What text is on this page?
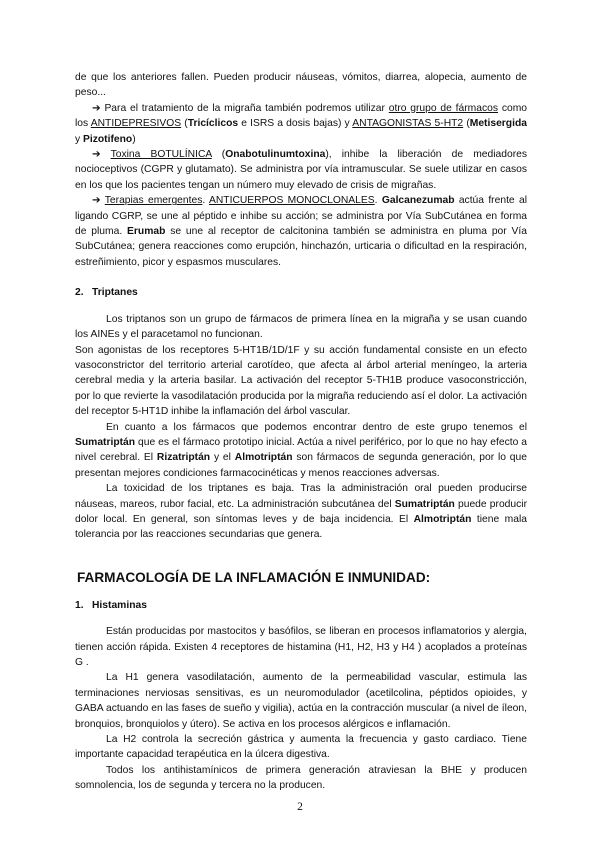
de que los anteriores fallen. Pueden producir náuseas, vómitos, diarrea, alopecia, aumento de peso...

➔ Para el tratamiento de la migraña también podremos utilizar otro grupo de fármacos como los ANTIDEPRESIVOS (Tricíclicos e ISRS a dosis bajas) y ANTAGONISTAS 5-HT2 (Metisergida y Pizotifeno)

➔ Toxina BOTULÍNICA (Onabotulinumtoxina), inhibe la liberación de mediadores nocioceptivos (CGPR y glutamato). Se administra por vía intramuscular. Se suele utilizar en casos en los que los pacientes tengan un número muy elevado de crisis de migrañas.

➔ Terapias emergentes. ANTICUERPOS MONOCLONALES. Galcanezumab actúa frente al ligando CGRP, se une al péptido e inhibe su acción; se administra por Vía SubCutánea en forma de pluma. Erumab se une al receptor de calcitonina también se administra en pluma por Vía SubCutánea; genera reacciones como erupción, hinchazón, urticaria o dificultad en la respiración, estreñimiento, picor y espasmos musculares.

2. Triptanes

Los triptanos son un grupo de fármacos de primera línea en la migraña y se usan cuando los AINEs y el paracetamol no funcionan.

Son agonistas de los receptores 5-HT1B/1D/1F y su acción fundamental consiste en un efecto vasoconstrictor del territorio arterial carotídeo, que afecta al árbol arterial meníngeo, la arteria cerebral media y la arteria basilar. La activación del receptor 5-TH1B produce vasoconstricción, por lo que revierte la vasodilatación producida por la migraña reduciendo así el dolor. La activación del receptor 5-HT1D inhibe la inflamación del árbol vascular.

En cuanto a los fármacos que podemos encontrar dentro de este grupo tenemos el Sumatriptán que es el fármaco prototipo inicial. Actúa a nivel periférico, por lo que no hay efecto a nivel cerebral. El Rizatriptán y el Almotriptán son fármacos de segunda generación, por lo que presentan mejores condiciones farmacocinéticas y menos reacciones adversas.

La toxicidad de los triptanes es baja. Tras la administración oral pueden producirse náuseas, mareos, rubor facial, etc. La administración subcutánea del Sumatriptán puede producir dolor local. En general, son síntomas leves y de baja incidencia. El Almotriptán tiene mala tolerancia por las reacciones secundarias que genera.

FARMACOLOGÍA DE LA INFLAMACIÓN E INMUNIDAD:

1. Histaminas

Están producidas por mastocitos y basófilos, se liberan en procesos inflamatorios y alergia, tienen acción rápida. Existen 4 receptores de histamina (H1, H2, H3 y H4 ) acoplados a proteínas G .

La H1 genera vasodilatación, aumento de la permeabilidad vascular, estimula las terminaciones nerviosas sensitivas, es un neuromodulador (acetilcolina, péptidos opioides, y GABA actuando en las fases de sueño y vigilia), actúa en la contracción muscular (a nivel de íleon, bronquios, bronquiolos y útero). Se activa en los procesos alérgicos e inflamación.

La H2 controla la secreción gástrica y aumenta la frecuencia y gasto cardiaco. Tiene importante capacidad terapéutica en la úlcera digestiva.

Todos los antihistamínicos de primera generación atraviesan la BHE y producen somnolencia, los de segunda y tercera no la producen.

2
